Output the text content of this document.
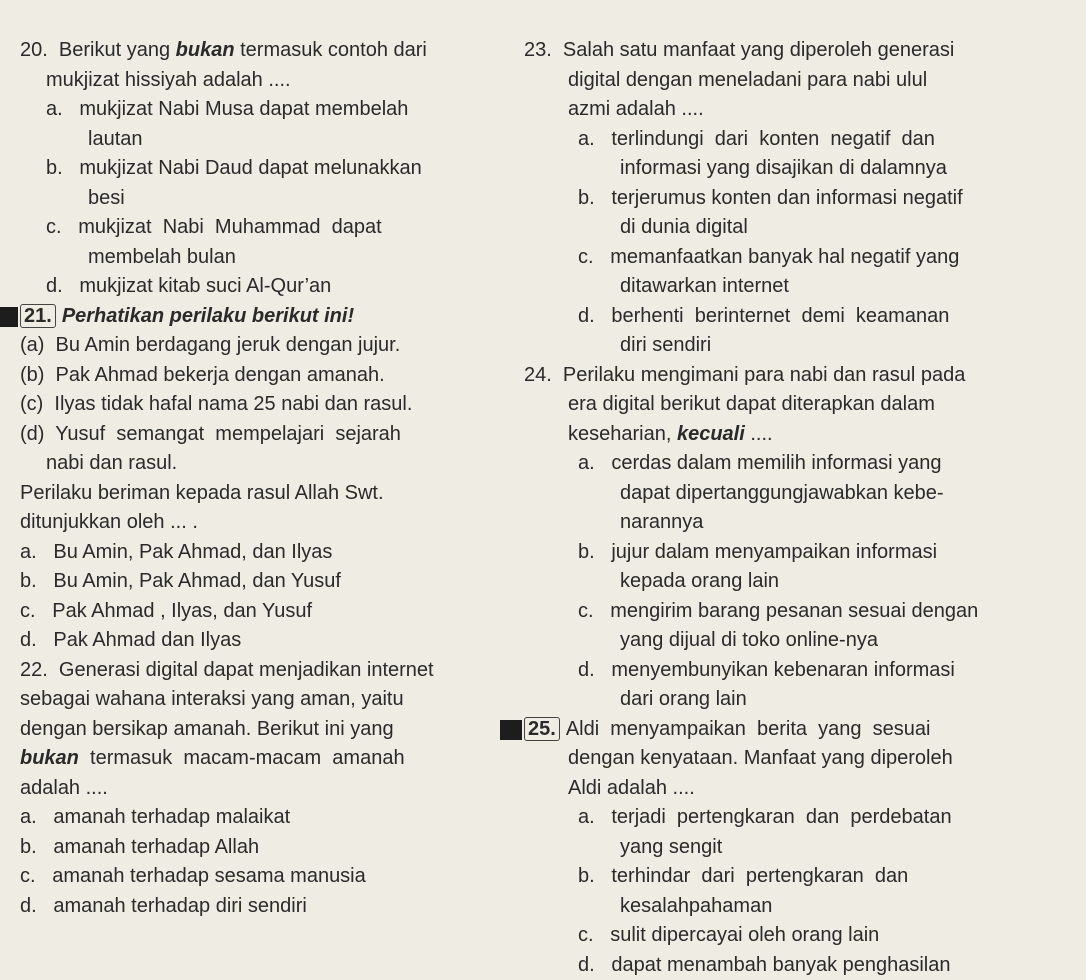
20.  Berikut yang bukan termasuk contoh dari
mukjizat hissiyah adalah ....
a.   mukjizat Nabi Musa dapat membelah
lautan
b.   mukjizat Nabi Daud dapat melunakkan
besi
c.   mukjizat  Nabi  Muhammad  dapat
membelah bulan
d.   mukjizat kitab suci Al-Qur’an
21. Perhatikan perilaku berikut ini!
(a)  Bu Amin berdagang jeruk dengan jujur.
(b)  Pak Ahmad bekerja dengan amanah.
(c)  Ilyas tidak hafal nama 25 nabi dan rasul.
(d)  Yusuf  semangat  mempelajari  sejarah
nabi dan rasul.
Perilaku beriman kepada rasul Allah Swt.
ditunjukkan oleh ... .
a.   Bu Amin, Pak Ahmad, dan Ilyas
b.   Bu Amin, Pak Ahmad, dan Yusuf
c.   Pak Ahmad , Ilyas, dan Yusuf
d.   Pak Ahmad dan Ilyas
22.  Generasi digital dapat menjadikan internet
sebagai wahana interaksi yang aman, yaitu
dengan bersikap amanah. Berikut ini yang
bukan  termasuk  macam-macam  amanah
adalah ....
a.   amanah terhadap malaikat
b.   amanah terhadap Allah
c.   amanah terhadap sesama manusia
d.   amanah terhadap diri sendiri
23.  Salah satu manfaat yang diperoleh generasi
digital dengan meneladani para nabi ulul
azmi adalah ....
a.   terlindungi  dari  konten  negatif  dan
informasi yang disajikan di dalamnya
b.   terjerumus konten dan informasi negatif
di dunia digital
c.   memanfaatkan banyak hal negatif yang
ditawarkan internet
d.   berhenti  berinternet  demi  keamanan
diri sendiri
24.  Perilaku mengimani para nabi dan rasul pada
era digital berikut dapat diterapkan dalam
keseharian, kecuali ....
a.   cerdas dalam memilih informasi yang
dapat dipertanggungjawabkan kebe-
narannya
b.   jujur dalam menyampaikan informasi
kepada orang lain
c.   mengirim barang pesanan sesuai dengan
yang dijual di toko online-nya
d.   menyembunyikan kebenaran informasi
dari orang lain
25. Aldi  menyampaikan  berita  yang  sesuai
dengan kenyataan. Manfaat yang diperoleh
Aldi adalah ....
a.   terjadi  pertengkaran  dan  perdebatan
yang sengit
b.   terhindar  dari  pertengkaran  dan
kesalahpahaman
c.   sulit dipercayai oleh orang lain
d.   dapat menambah banyak penghasilan
